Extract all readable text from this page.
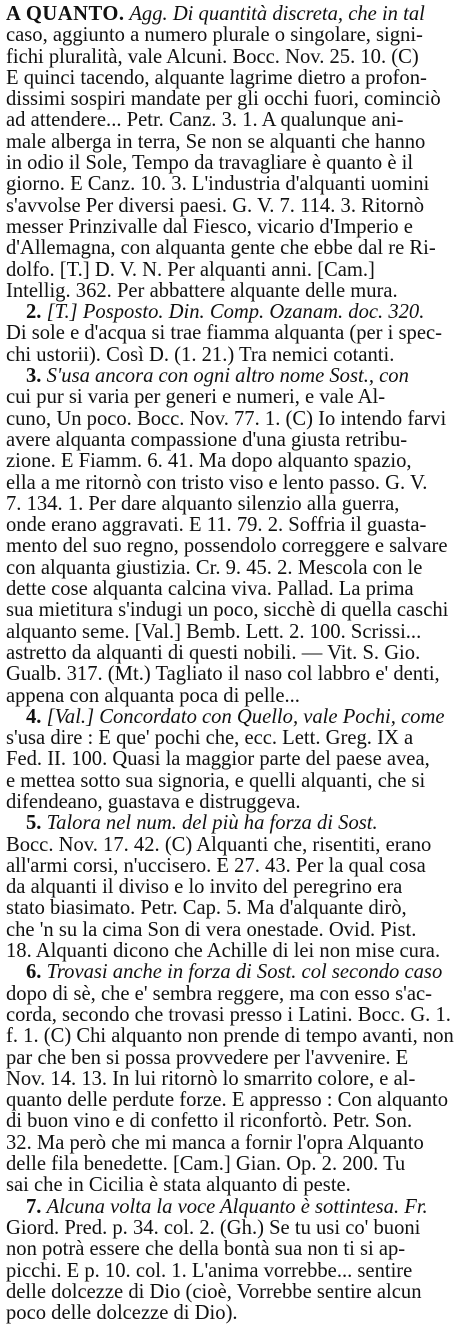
A QUANTO. Agg. Di quantità discreta, che in tal
caso, aggiunto a numero plurale o singolare, signi-
fichi pluralità, vale Alcuni. Bocc. Nov. 25. 10. (C)
E quinci tacendo, alquante lagrime dietro a profon-
dissimi sospiri mandate per gli occhi fuori, cominciò
ad attendere... Petr. Canz. 3. 1. A qualunque ani-
male alberga in terra, Se non se alquanti che hanno
in odio il Sole, Tempo da travagliare è quanto è il
giorno. E Canz. 10. 3. L'industria d'alquanti uomini
s'avvolse Per diversi paesi. G. V. 7. 114. 3. Ritornò
messer Prinzivalle dal Fiesco, vicario d'Imperio e
d'Allemagna, con alquanta gente che ebbe dal re Ri-
dolfo. [T.] D. V. N. Per alquanti anni. [Cam.]
Intellig. 362. Per abbattere alquante delle mura.
2. [T.] Posposto. Din. Comp. Ozanam. doc. 320.
Di sole e d'acqua si trae fiamma alquanta (per i spec-
chi ustorii). Così D. (1. 21.) Tra nemici cotanti.
3. S'usa ancora con ogni altro nome Sost., con
cui pur si varia per generi e numeri, e vale Al-
cuno, Un poco. Bocc. Nov. 77. 1. (C) Io intendo farvi
avere alquanta compassione d'una giusta retribu-
zione. E Fiamm. 6. 41. Ma dopo alquanto spazio,
ella a me ritornò con tristo viso e lento passo. G. V.
7. 134. 1. Per dare alquanto silenzio alla guerra,
onde erano aggravati. E 11. 79. 2. Soffria il guasta-
mento del suo regno, possendolo correggere e salvare
con alquanta giustizia. Cr. 9. 45. 2. Mescola con le
dette cose alquanta calcina viva. Pallad. La prima
sua mietitura s'indugi un poco, sicchè di quella caschi
alquanto seme. [Val.] Bemb. Lett. 2. 100. Scrissi...
astretto da alquanti di questi nobili. — Vit. S. Gio.
Gualb. 317. (Mt.) Tagliato il naso col labbro e' denti,
appena con alquanta poca di pelle...
4. [Val.] Concordato con Quello, vale Pochi, come
s'usa dire : E que' pochi che, ecc. Lett. Greg. IX a
Fed. II. 100. Quasi la maggior parte del paese avea,
e mettea sotto sua signoria, e quelli alquanti, che si
difendeano, guastava e distruggeva.
5. Talora nel num. del più ha forza di Sost.
Bocc. Nov. 17. 42. (C) Alquanti che, risentiti, erano
all'armi corsi, n'uccisero. E 27. 43. Per la qual cosa
da alquanti il diviso e lo invito del peregrino era
stato biasimato. Petr. Cap. 5. Ma d'alquante dirò,
che 'n su la cima Son di vera onestade. Ovid. Pist.
18. Alquanti dicono che Achille di lei non mise cura.
6. Trovasi anche in forza di Sost. col secondo caso
dopo di sè, che e' sembra reggere, ma con esso s'ac-
corda, secondo che trovasi presso i Latini. Bocc. G. 1.
f. 1. (C) Chi alquanto non prende di tempo avanti, non
par che ben si possa provvedere per l'avvenire. E
Nov. 14. 13. In lui ritornò lo smarrito colore, e al-
quanto delle perdute forze. E appresso : Con alquanto
di buon vino e di confetto il riconfortò. Petr. Son.
32. Ma però che mi manca a fornir l'opra Alquanto
delle fila benedette. [Cam.] Gian. Op. 2. 200. Tu
sai che in Cicilia è stata alquanto di peste.
7. Alcuna volta la voce Alquanto è sottintesa. Fr.
Giord. Pred. p. 34. col. 2. (Gh.) Se tu usi co' buoni
non potrà essere che della bontà sua non ti si ap-
picchi. E p. 10. col. 1. L'anima vorrebbe... sentire
delle dolcezze di Dio (cioè, Vorrebbe sentire alcun
poco delle dolcezze di Dio).
